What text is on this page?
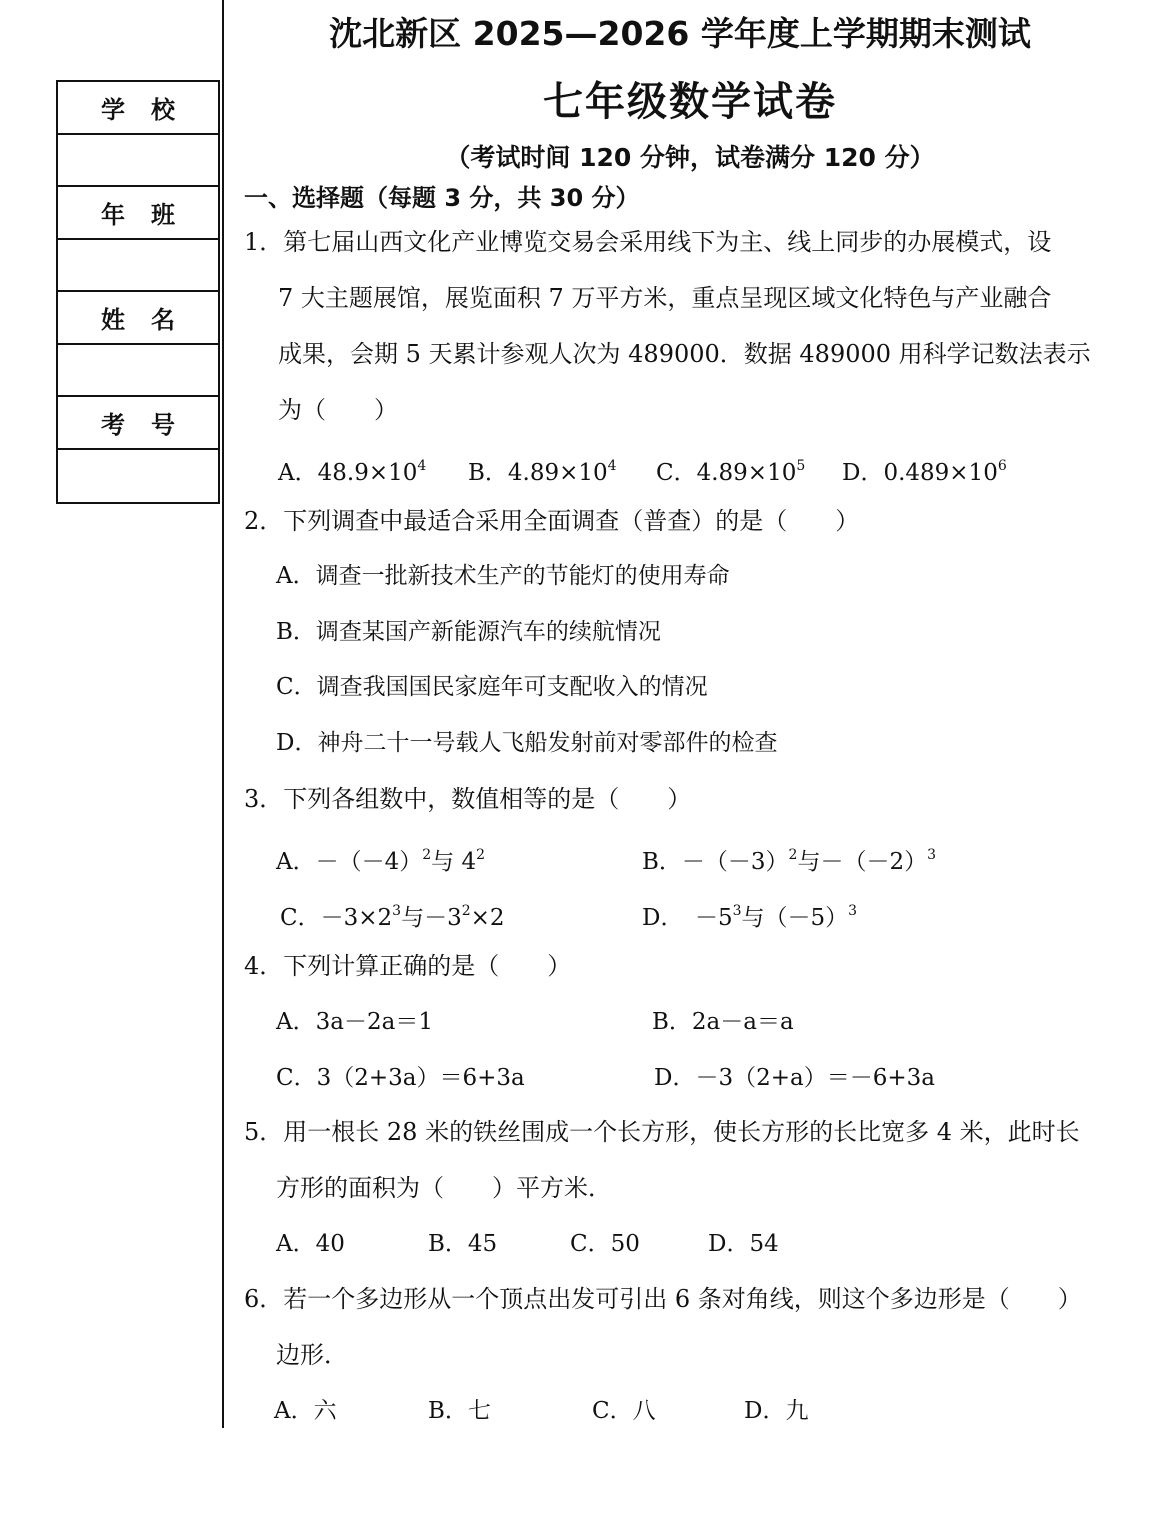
学校
年班
姓名
考号
沈北新区 2025—2026 学年度上学期期末测试
七年级数学试卷
（考试时间 120 分钟，试卷满分 120 分）
一、选择题（每题 3 分，共 30 分）
1．第七届山西文化产业博览交易会采用线下为主、线上同步的办展模式，设
7 大主题展馆，展览面积 7 万平方米，重点呈现区域文化特色与产业融合
成果，会期 5 天累计参观人次为 489000．数据 489000 用科学记数法表示
为（　　）
A．$48.9\times 10^4$ B．$4.89\times 10^4$ C．$4.89\times 10^5$ D．$0.489\times 10^6$
2．下列调查中最适合采用全面调查（普查）的是（　　）
A．调查一批新技术生产的节能灯的使用寿命
B．调查某国产新能源汽车的续航情况
C．调查我国国民家庭年可支配收入的情况
D．神舟二十一号载人飞船发射前对零部件的检查
3．下列各组数中，数值相等的是（　　）
A．$-(-4)^2$与 $4^2$	B．$-(-3)^2$与$-(-2)^3$
C．$-3\times 2^3$与$-3^2\times 2$	D．　$-5^3$与$(-5)^3$
4．下列计算正确的是（　　）
A．3a－2a＝1	B．2a－a＝a
C．3（2+3a）＝6+3a	D．－3（2+a）＝－6+3a
5．用一根长 28 米的铁丝围成一个长方形，使长方形的长比宽多 4 米，此时长
方形的面积为（　　）平方米．
A．40	B．45	C．50	D．54
6．若一个多边形从一个顶点出发可引出 6 条对角线，则这个多边形是（　　）
边形．
A．六	B．七	C．八	D．九
